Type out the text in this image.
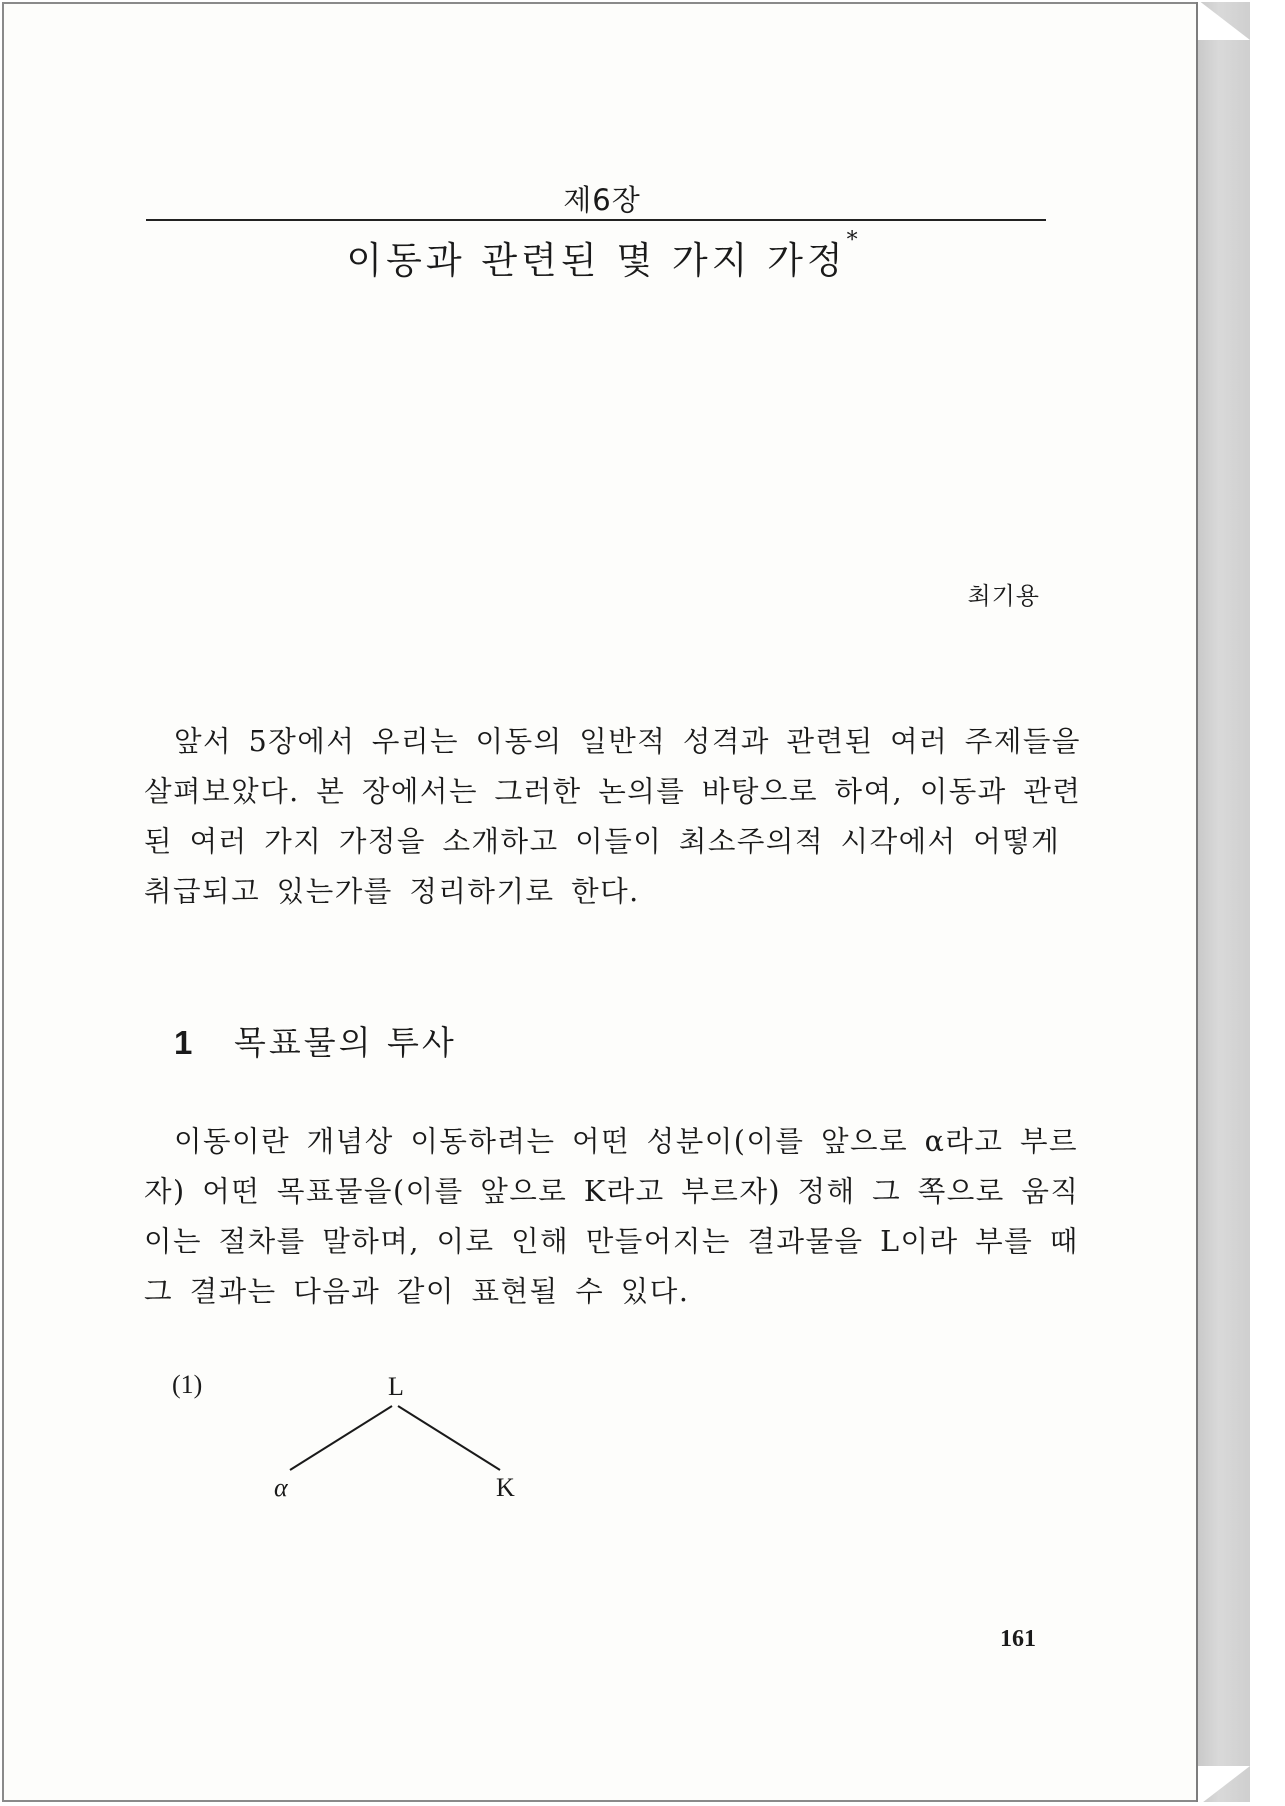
제6장
이동과 관련된 몇 가지 가정*
최기용
앞서 5장에서 우리는 이동의 일반적 성격과 관련된 여러 주제들을
살펴보았다. 본 장에서는 그러한 논의를 바탕으로 하여, 이동과 관련
된 여러 가지 가정을 소개하고 이들이 최소주의적 시각에서 어떻게
취급되고 있는가를 정리하기로 한다.
1 목표물의 투사
이동이란 개념상 이동하려는 어떤 성분이(이를 앞으로 α라고 부르
자) 어떤 목표물을(이를 앞으로 K라고 부르자) 정해 그 쪽으로 움직
이는 절차를 말하며, 이로 인해 만들어지는 결과물을 L이라 부를 때
그 결과는 다음과 같이 표현될 수 있다.
(1)	L
α	K
161
